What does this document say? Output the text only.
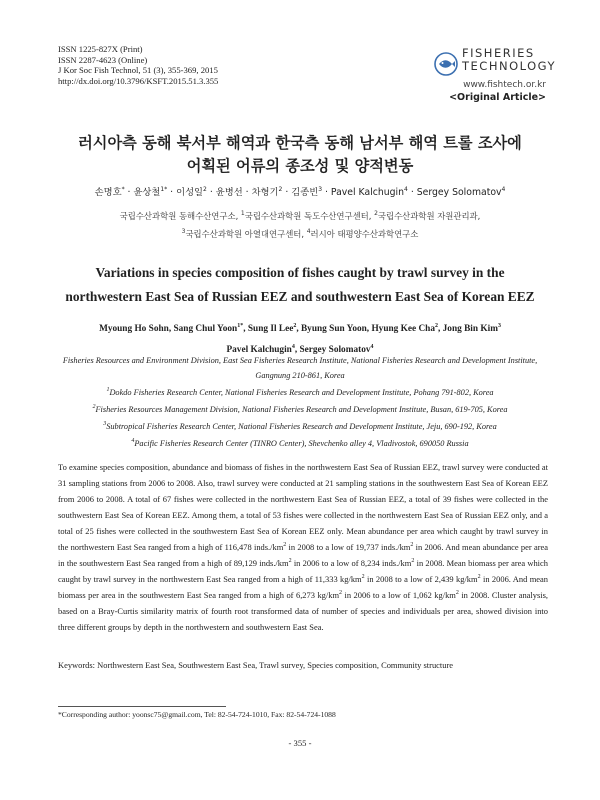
ISSN 1225-827X (Print)
ISSN 2287-4623 (Online)
J Kor Soc Fish Technol, 51 (3), 355-369, 2015
http://dx.doi.org/10.3796/KSFT.2015.51.3.355
FISHERIES
TECHNOLOGY
www.fishtech.or.kr
<Original Article>
러시아측 동해 북서부 해역과 한국측 동해 남서부 해역 트롤 조사에
어획된 어류의 종조성 및 양적변동
손명호* · 윤상철$^{1*}$ · 이성일$^2$ · 윤병선 · 차형기$^2$ · 김종빈$^3$ · Pavel Kalchugin$^4$ · Sergey Solomatov$^4$
국립수산과학원 동해수산연구소, $^1$국립수산과학원 독도수산연구센터, $^2$국립수산과학원 자원관리과,
$^3$국립수산과학원 아열대연구센터, $^4$러시아 태평양수산과학연구소
Variations in species composition of fishes caught by trawl survey in the
northwestern East Sea of Russian EEZ and southwestern East Sea of Korean EEZ
Myoung Ho Sohn, Sang Chul Yoon$^{1*}$, Sung Il Lee$^2$, Byung Sun Yoon, Hyung Kee Cha$^2$, Jong Bin Kim$^3$
Pavel Kalchugin$^4$, Sergey Solomatov$^4$
Fisheries Resources and Environment Division, East Sea Fisheries Research Institute, National Fisheries Research and Development Institute, Gangnung 210-861, Korea
$^1$Dokdo Fisheries Research Center, National Fisheries Research and Development Institute, Pohang 791-802, Korea
$^2$Fisheries Resources Management Division, National Fisheries Research and Development Institute, Busan, 619-705, Korea
$^3$Subtropical Fisheries Research Center, National Fisheries Research and Development Institute, Jeju, 690-192, Korea
$^4$Pacific Fisheries Research Center (TINRO Center), Shevchenko alley 4, Vladivostok, 690050 Russia
To examine species composition, abundance and biomass of fishes in the northwestern East Sea of Russian EEZ, trawl survey were conducted at 31 sampling stations from 2006 to 2008. Also, trawl survey were conducted at 21 sampling stations in the southwestern East Sea of Korean EEZ from 2006 to 2008. A total of 67 fishes were collected in the northwestern East Sea of Russian EEZ, a total of 39 fishes were collected in the southwestern East Sea of Korean EEZ. Among them, a total of 53 fishes were collected in the northwestern East Sea of Russian EEZ only, and a total of 25 fishes were collected in the southwestern East Sea of Korean EEZ only. Mean abundance per area which caught by trawl survey in the northwestern East Sea ranged from a high of 116,478 $inds./km^2$ in 2008 to a low of 19,737 $inds./km^2$ in 2006. And mean abundance per area in the southwestern East Sea ranged from a high of 89,129 $inds./km^2$ in 2006 to a low of 8,234 $inds./km^2$ in 2008. Mean biomass per area which caught by trawl survey in the northwestern East Sea ranged from a high of 11,333 $kg/km^2$ in 2008 to a low of 2,439 $kg/km^2$ in 2006. And mean biomass per area in the southwestern East Sea ranged from a high of 6,273 $kg/km^2$ in 2006 to a low of 1,062 $kg/km^2$ in 2008. Cluster analysis, based on a Bray-Curtis similarity matrix of fourth root transformed data of number of species and individuals per area, showed division into three different groups by depth in the northwestern and southwestern East Sea.
Keywords: Northwestern East Sea, Southwestern East Sea, Trawl survey, Species composition, Community structure
*Corresponding author: yoonsc75@gmail.com, Tel: 82-54-724-1010, Fax: 82-54-724-1088
- 355 -
